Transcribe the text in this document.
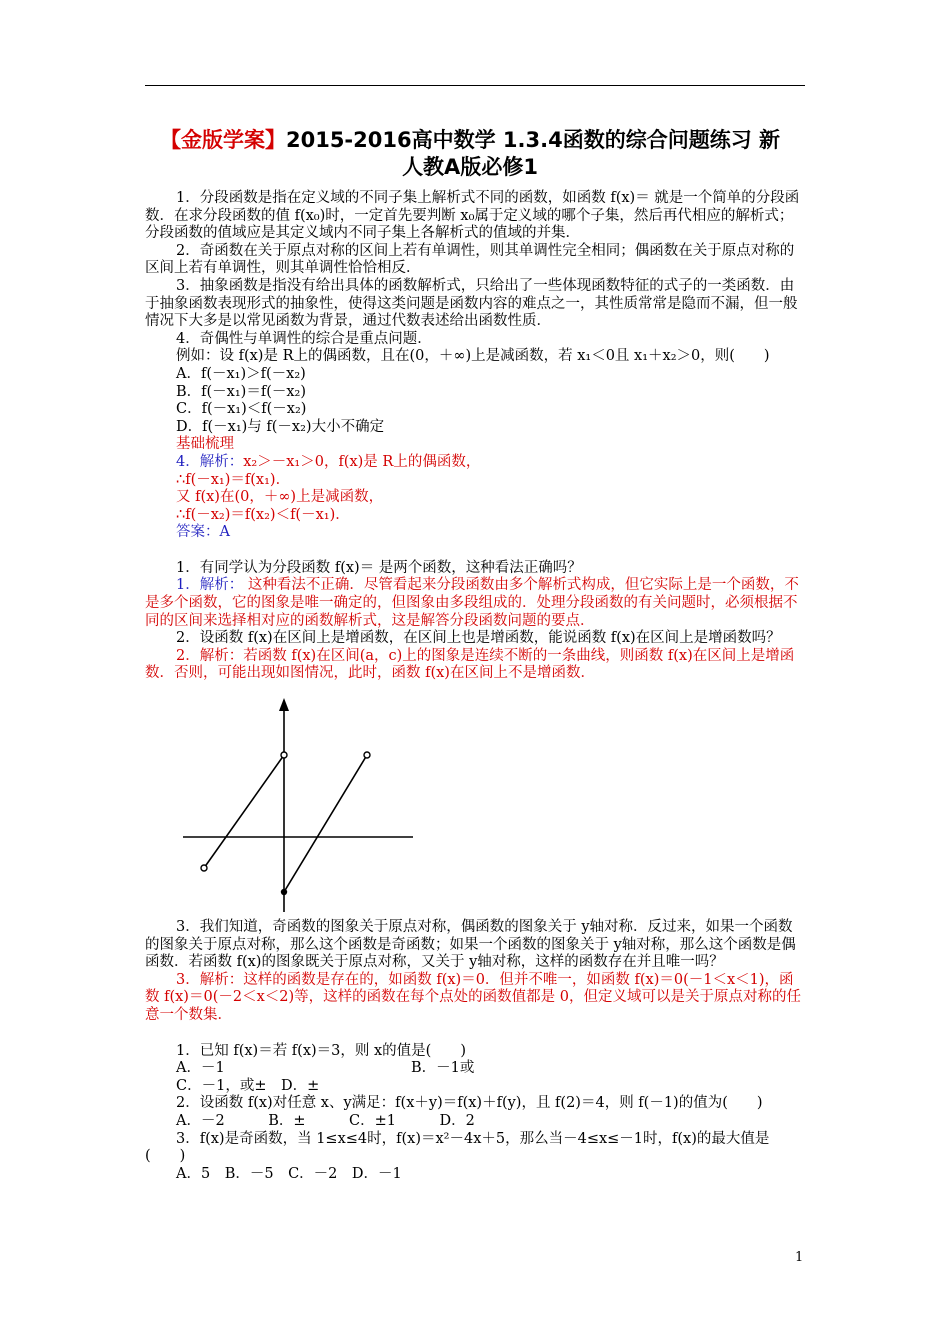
【金版学案】2015-2016高中数学 1.3.4函数的综合问题练习 新
人教A版必修1

1．分段函数是指在定义域的不同子集上解析式不同的函数，如函数 f(x)＝ 就是一个简单的分段函数．在求分段函数的值 f(x₀)时，一定首先要判断 x₀属于定义域的哪个子集，然后再代相应的解析式；分段函数的值域应是其定义域内不同子集上各解析式的值域的并集．

2．奇函数在关于原点对称的区间上若有单调性，则其单调性完全相同；偶函数在关于原点对称的区间上若有单调性，则其单调性恰恰相反．

3．抽象函数是指没有给出具体的函数解析式，只给出了一些体现函数特征的式子的一类函数．由于抽象函数表现形式的抽象性，使得这类问题是函数内容的难点之一，其性质常常是隐而不漏，但一般情况下大多是以常见函数为背景，通过代数表述给出函数性质．

4．奇偶性与单调性的综合是重点问题．

例如：设 f(x)是 R上的偶函数，且在(0，＋∞)上是减函数，若 x₁＜0且 x₁＋x₂＞0，则(　　)

A．f(－x₁)＞f(－x₂)

B．f(－x₁)＝f(－x₂)

C．f(－x₁)＜f(－x₂)

D．f(－x₁)与 f(－x₂)大小不确定

基础梳理

4．解析：x₂＞－x₁＞0，f(x)是 R上的偶函数，

∴f(－x₁)＝f(x₁)．

又 f(x)在(0，＋∞)上是减函数，

∴f(－x₂)＝f(x₂)＜f(－x₁)．

答案：A

1．有同学认为分段函数 f(x)＝ 是两个函数，这种看法正确吗？

1．解析： 这种看法不正确．尽管看起来分段函数由多个解析式构成，但它实际上是一个函数，不是多个函数，它的图象是唯一确定的，但图象由多段组成的．处理分段函数的有关问题时，必须根据不同的区间来选择相对应的函数解析式，这是解答分段函数问题的要点．

2．设函数 f(x)在区间上是增函数，在区间上也是增函数，能说函数 f(x)在区间上是增函数吗？

2．解析：若函数 f(x)在区间(a，c)上的图象是连续不断的一条曲线，则函数 f(x)在区间上是增函数．否则，可能出现如图情况，此时，函数 f(x)在区间上不是增函数．

3．我们知道，奇函数的图象关于原点对称，偶函数的图象关于 y轴对称．反过来，如果一个函数的图象关于原点对称，那么这个函数是奇函数；如果一个函数的图象关于 y轴对称，那么这个函数是偶函数．若函数 f(x)的图象既关于原点对称，又关于 y轴对称，这样的函数存在并且唯一吗？

3．解析：这样的函数是存在的，如函数 f(x)＝0．但并不唯一，如函数 f(x)＝0(－1＜x＜1)，函数 f(x)＝0(－2＜x＜2)等，这样的函数在每个点处的函数值都是 0，但定义域可以是关于原点对称的任意一个数集．

1．已知 f(x)＝若 f(x)＝3，则 x的值是(　　)

A．－1	B．－1或

C．－1，或±　D．±

2．设函数 f(x)对任意 x、y满足：f(x＋y)＝f(x)＋f(y)，且 f(2)＝4，则 f(－1)的值为(　　)

A．－2　　　B．±　　　C．±1　　　D．2

3．f(x)是奇函数，当 1≤x≤4时，f(x)＝x²－4x＋5，那么当－4≤x≤－1时，f(x)的最大值是(　　)

A．5　B．－5　C．－2　D．－1

1
